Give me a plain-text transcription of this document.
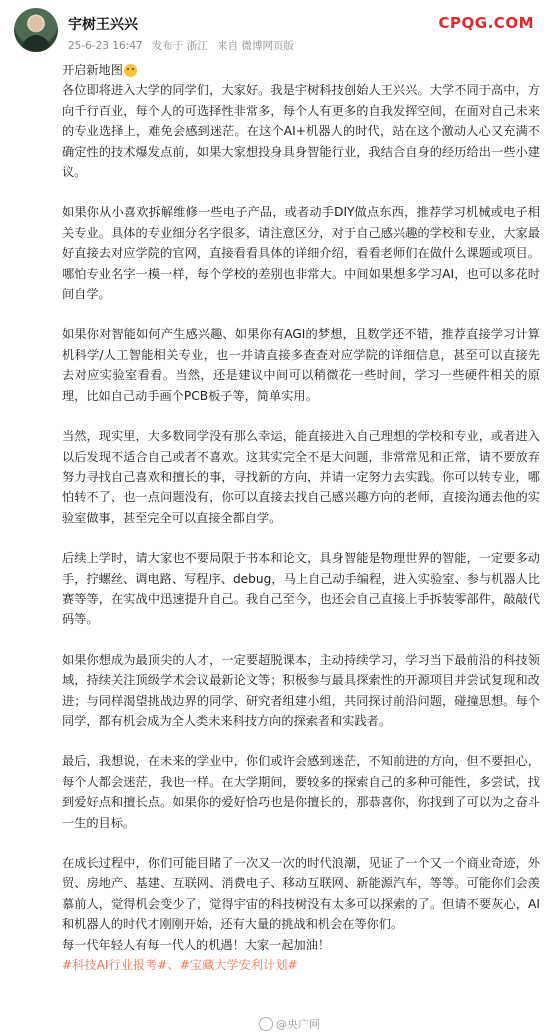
宇树王兴兴
25-6-23 16:47 发布于 浙江 来自 微博网页版
CPQG.COM
开启新地图

各位即将进入大学的同学们，大家好。我是宇树科技创始人王兴兴。大学不同于高中，方向千行百业，每个人的可选择性非常多，每个人有更多的自我发挥空间，在面对自己未来的专业选择上，难免会感到迷茫。在这个AI+机器人的时代，站在这个激动人心又充满不确定性的技术爆发点前，如果大家想投身具身智能行业，我结合自身的经历给出一些小建议。

如果你从小喜欢拆解维修一些电子产品，或者动手DIY做点东西，推荐学习机械或电子相关专业。具体的专业细分名字很多，请注意区分，对于自己感兴趣的学校和专业，大家最好直接去对应学院的官网，直接看看具体的详细介绍，看看老师们在做什么课题或项目。哪怕专业名字一模一样，每个学校的差别也非常大。中间如果想多学习AI，也可以多花时间自学。

如果你对智能如何产生感兴趣、如果你有AGI的梦想，且数学还不错，推荐直接学习计算机科学/人工智能相关专业，也一并请直接多查查对应学院的详细信息，甚至可以直接先去对应实验室看看。当然，还是建议中间可以稍微花一些时间，学习一些硬件相关的原理，比如自己动手画个PCB板子等，简单实用。

当然，现实里，大多数同学没有那么幸运，能直接进入自己理想的学校和专业，或者进入以后发现不适合自己或者不喜欢。这其实完全不是大问题，非常常见和正常，请不要放弃努力寻找自己喜欢和擅长的事，寻找新的方向，并请一定努力去实践。你可以转专业，哪怕转不了，也一点问题没有，你可以直接去找自己感兴趣方向的老师，直接沟通去他的实验室做事，甚至完全可以直接全都自学。

后续上学时，请大家也不要局限于书本和论文，具身智能是物理世界的智能，一定要多动手，拧螺丝、调电路、写程序、debug，马上自己动手编程，进入实验室、参与机器人比赛等等，在实战中迅速提升自己。我自己至今，也还会自己直接上手拆装零部件，敲敲代码等。

如果你想成为最顶尖的人才，一定要超脱课本，主动持续学习，学习当下最前沿的科技领域，持续关注顶级学术会议最新论文等；积极参与最具探索性的开源项目并尝试复现和改进；与同样渴望挑战边界的同学、研究者组建小组，共同探讨前沿问题，碰撞思想。每个同学，都有机会成为全人类未来科技方向的探索者和实践者。

最后，我想说，在未来的学业中，你们或许会感到迷茫，不知前进的方向，但不要担心，每个人都会迷茫，我也一样。在大学期间，要较多的探索自己的多种可能性，多尝试，找到爱好点和擅长点。如果你的爱好恰巧也是你擅长的，那恭喜你，你找到了可以为之奋斗一生的目标。

在成长过程中，你们可能目睹了一次又一次的时代浪潮，见证了一个又一个商业奇迹，外贸、房地产、基建、互联网、消费电子、移动互联网、新能源汽车，等等。可能你们会羡慕前人，觉得机会变少了，觉得宇宙的科技树没有太多可以探索的了。但请不要灰心，AI和机器人的时代才刚刚开始，还有大量的挑战和机会在等你们。

每一代年轻人有每一代人的机遇！大家一起加油！

#科技AI行业报考#、#宝藏大学安利计划#

@央广网
